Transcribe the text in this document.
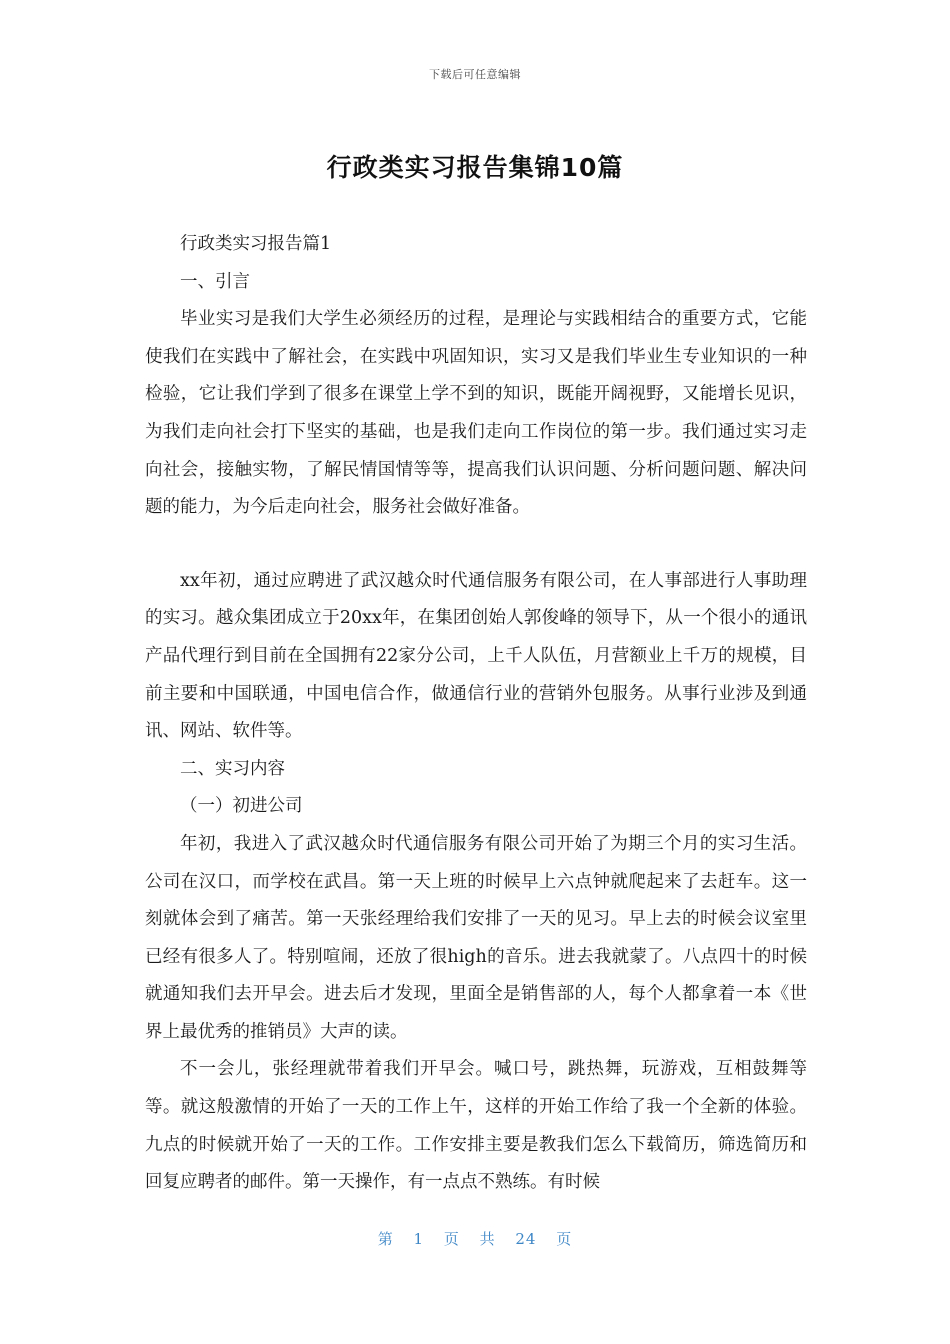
下载后可任意编辑
行政类实习报告集锦10篇

行政类实习报告篇1

一、引言

毕业实习是我们大学生必须经历的过程，是理论与实践相结合的重要方式，它能使我们在实践中了解社会，在实践中巩固知识，实习又是我们毕业生专业知识的一种检验，它让我们学到了很多在课堂上学不到的知识，既能开阔视野，又能增长见识，为我们走向社会打下坚实的基础，也是我们走向工作岗位的第一步。我们通过实习走向社会，接触实物，了解民情国情等等，提高我们认识问题、分析问题问题、解决问题的能力，为今后走向社会，服务社会做好准备。

xx年初，通过应聘进了武汉越众时代通信服务有限公司，在人事部进行人事助理的实习。越众集团成立于20xx年，在集团创始人郭俊峰的领导下，从一个很小的通讯产品代理行到目前在全国拥有22家分公司，上千人队伍，月营额业上千万的规模，目前主要和中国联通，中国电信合作，做通信行业的营销外包服务。从事行业涉及到通讯、网站、软件等。

二、实习内容

（一）初进公司

年初，我进入了武汉越众时代通信服务有限公司开始了为期三个月的实习生活。公司在汉口，而学校在武昌。第一天上班的时候早上六点钟就爬起来了去赶车。这一刻就体会到了痛苦。第一天张经理给我们安排了一天的见习。早上去的时候会议室里已经有很多人了。特别喧闹，还放了很high的音乐。进去我就蒙了。八点四十的时候就通知我们去开早会。进去后才发现，里面全是销售部的人，每个人都拿着一本《世界上最优秀的推销员》大声的读。

不一会儿，张经理就带着我们开早会。喊口号，跳热舞，玩游戏，互相鼓舞等等。就这般激情的开始了一天的工作上午，这样的开始工作给了我一个全新的体验。九点的时候就开始了一天的工作。工作安排主要是教我们怎么下载简历，筛选简历和回复应聘者的邮件。第一天操作，有一点点不熟练。有时候

第 1 页 共 24 页
